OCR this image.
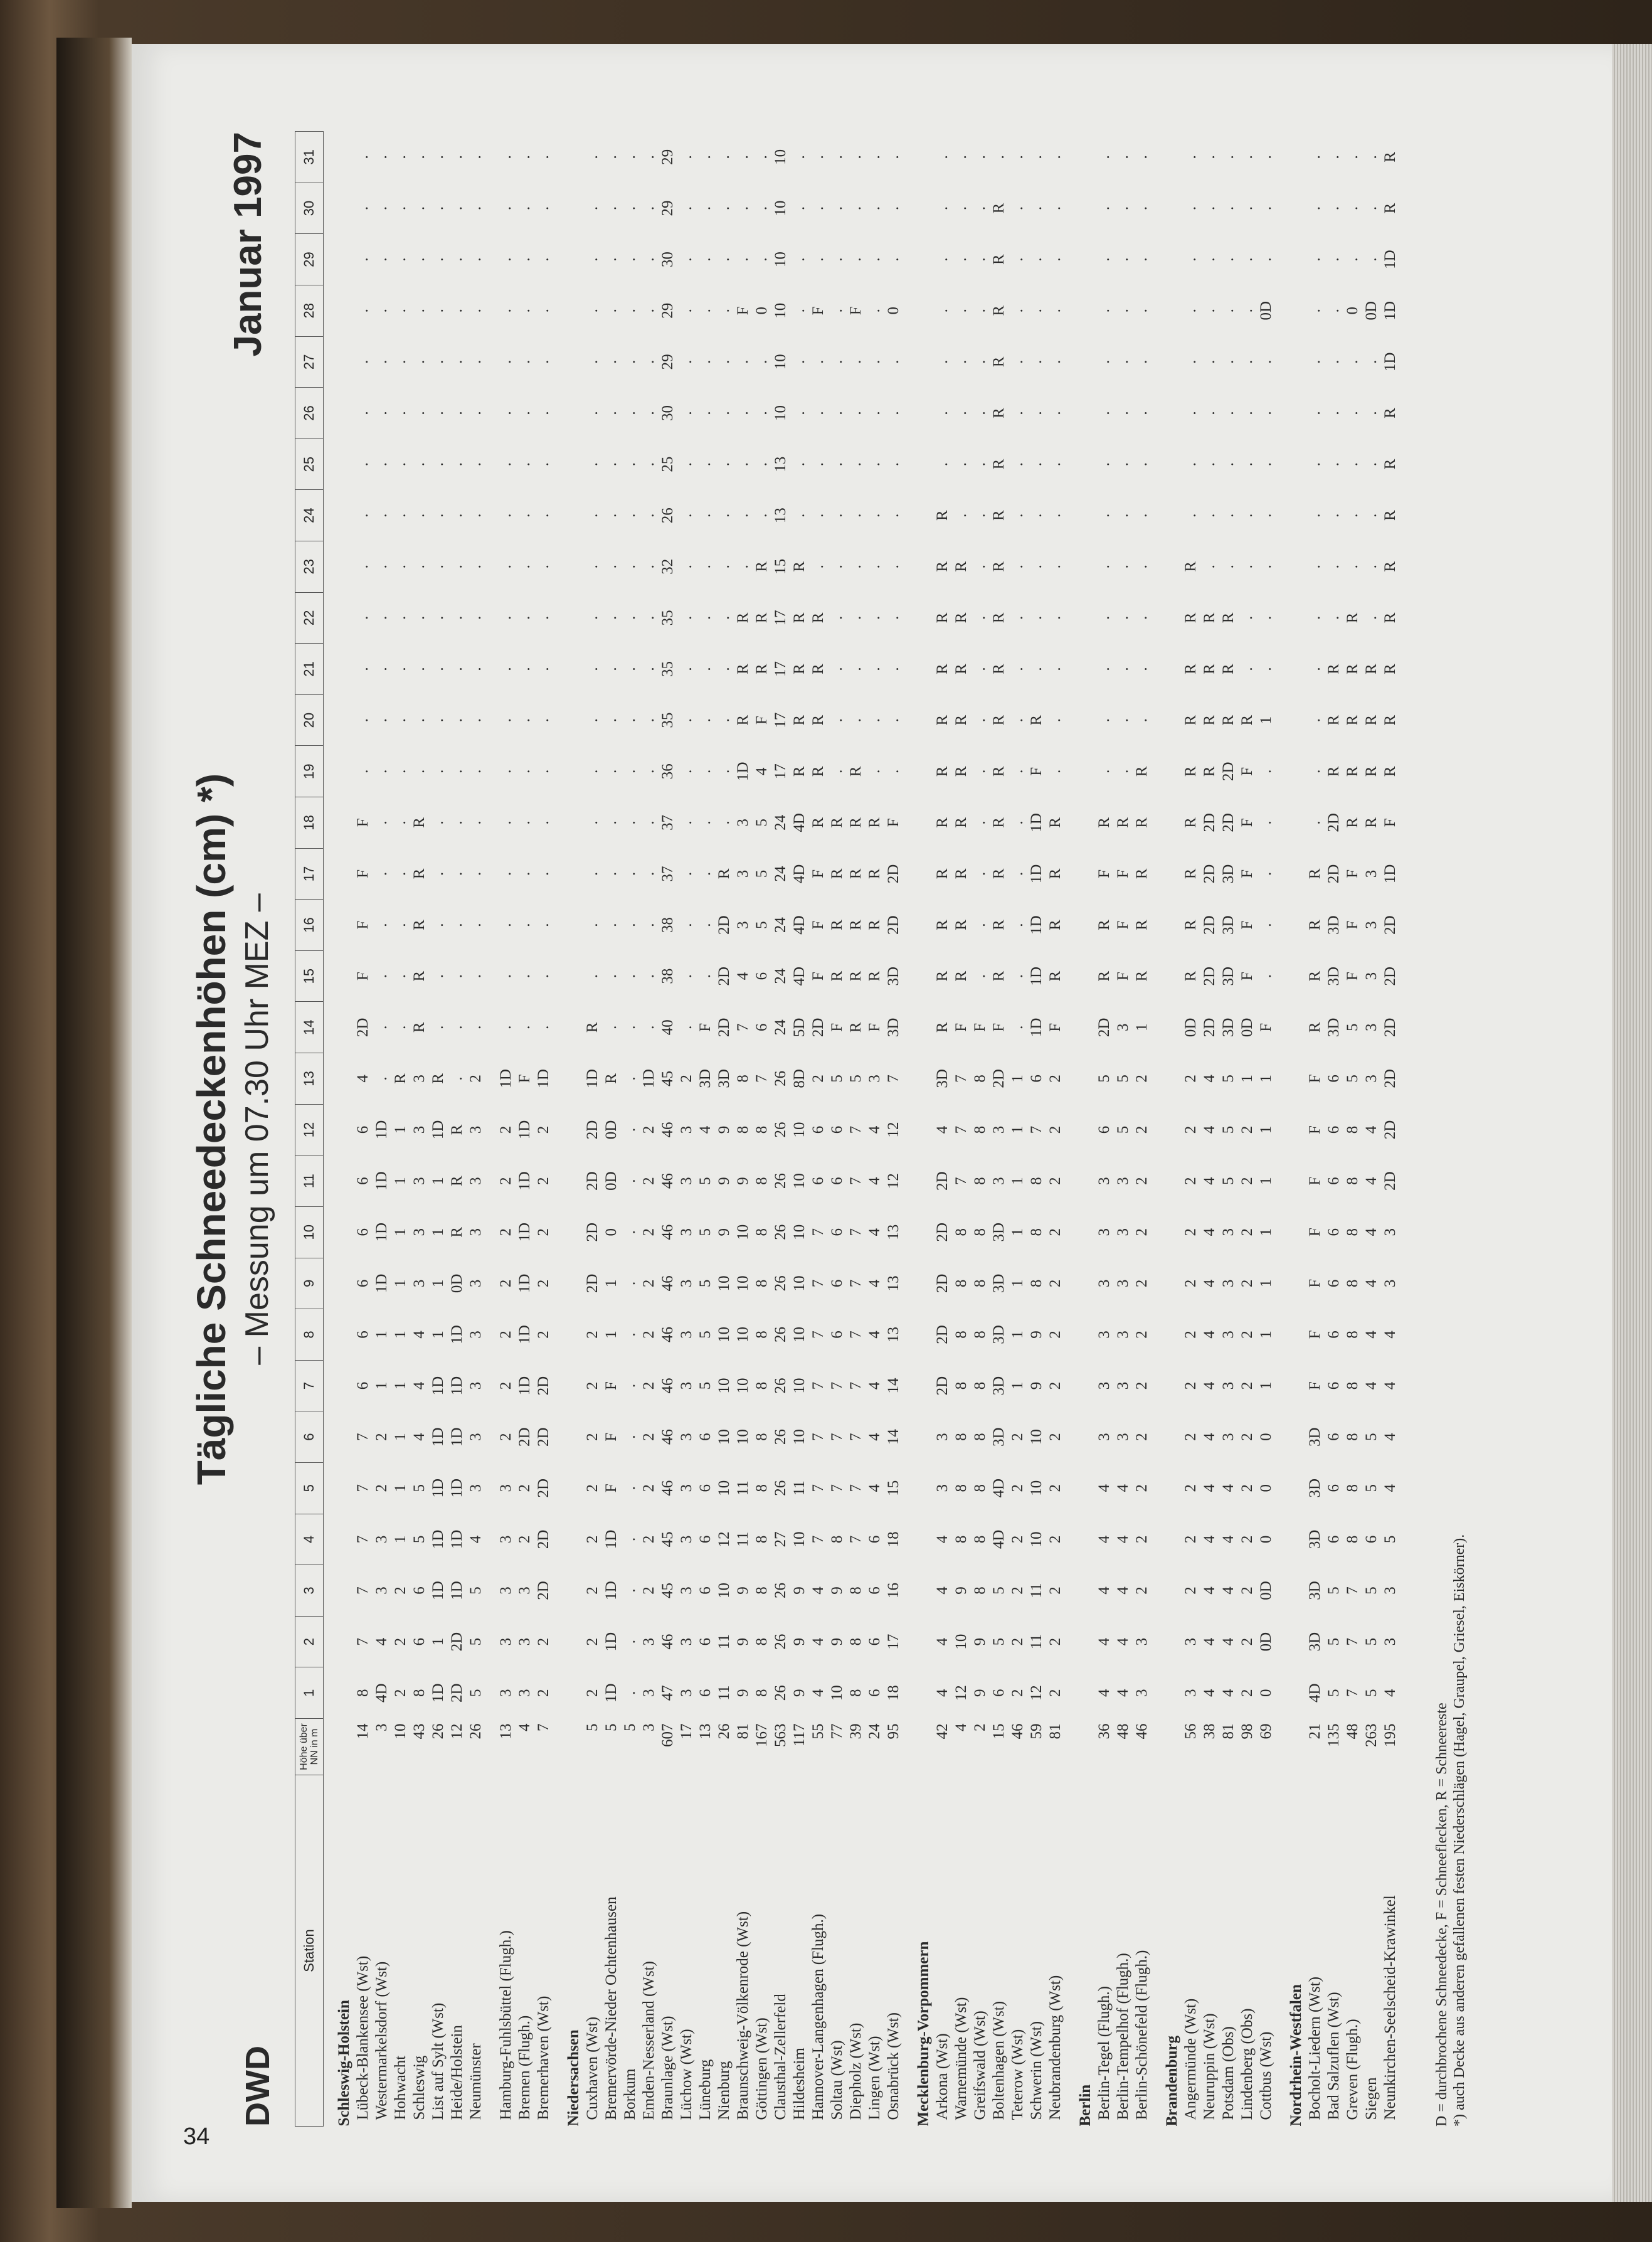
34
Tägliche Schneedeckenhöhen (cm) *)
DWD
– Messung um 07.30 Uhr MEZ –
Januar 1997
Station	Höhe über NN in m	1	2	3	4	5	6	7	8	9	10	11	12	13	14	15	16	17	18	19	20	21	22	23	24	25	26	27	28	29	30	31

Schleswig-Holstein																																
Lübeck-Blankensee (Wst)	14	8	7	7	7	7	7	6	6	6	6	6	6	4	2D	F	F	F	F	.	.	.	.	.	.	.	.	.	.	.	.	.
Westermarkelsdorf (Wst)	3	4D	4	3	3	2	2	1	1	1D	1D	1D	1D	.	.	.	.	.	.	.	.	.	.	.	.	.	.	.	.	.	.	.
Hohwacht	10	2	2	2	1	1	1	1	1	1	1	1	1	R	.	.	.	.	.	.	.	.	.	.	.	.	.	.	.	.	.	.
Schleswig	43	8	6	6	5	5	4	4	4	3	3	3	3	3	R	R	R	R	R	.	.	.	.	.	.	.	.	.	.	.	.	.
List auf Sylt (Wst)	26	1D	1	1D	1D	1D	1D	1D	1	1	1	1	1D	R	.	.	.	.	.	.	.	.	.	.	.	.	.	.	.	.	.	.
Heide/Holstein	12	2D	2D	1D	1D	1D	1D	1D	1D	0D	R	R	R	.	.	.	.	.	.	.	.	.	.	.	.	.	.	.	.	.	.	.
Neumünster	26	5	5	5	4	3	3	3	3	3	3	3	3	2	.	.	.	.	.	.	.	.	.	.	.	.	.	.	.	.	.	.

Hamburg-Fuhlsbüttel (Flugh.)	13	3	3	3	3	3	2	2	2	2	2	2	2	1D	.	.	.	.	.	.	.	.	.	.	.	.	.	.	.	.	.	.
Bremen (Flugh.)	4	3	3	3	2	2	2D	1D	1D	1D	1D	1D	1D	F	.	.	.	.	.	.	.	.	.	.	.	.	.	.	.	.	.	.
Bremerhaven (Wst)	7	2	2	2D	2D	2D	2D	2D	2	2	2	2	2	1D	.	.	.	.	.	.	.	.	.	.	.	.	.	.	.	.	.	.

Niedersachsen																																
Cuxhaven (Wst)	5	2	2	2	2	2	2	2	2	2D	2D	2D	2D	1D	R	.	.	.	.	.	.	.	.	.	.	.	.	.	.	.	.	.
Bremervörde-Nieder Ochtenhausen	5	1D	1D	1D	1D	F	F	F	1	1	0	0D	0D	R	.	.	.	.	.	.	.	.	.	.	.	.	.	.	.	.	.	.
Borkum	5	.	.	.	.	.	.	.	.	.	.	.	.	.	.	.	.	.	.	.	.	.	.	.	.	.	.	.	.	.	.	.
Emden-Nesserland (Wst)	3	3	3	2	2	2	2	2	2	2	2	2	2	1D	.	.	.	.	.	.	.	.	.	.	.	.	.	.	.	.	.	.
Braunlage (Wst)	607	47	46	45	45	46	46	46	46	46	46	46	46	45	40	38	38	37	37	36	35	35	35	32	26	25	30	29	29	30	29	29
Lüchow (Wst)	17	3	3	3	3	3	3	3	3	3	3	3	3	2	.	.	.	.	.	.	.	.	.	.	.	.	.	.	.	.	.	.
Lüneburg	13	6	6	6	6	6	6	5	5	5	5	5	4	3D	F	.	.	.	.	.	.	.	.	.	.	.	.	.	.	.	.	.
Nienburg	26	11	11	10	12	10	10	10	10	10	9	9	9	3D	2D	2D	2D	R	.	.	.	.	.	.	.	.	.	.	.	.	.	.
Braunschweig-Völkenrode (Wst)	81	9	9	9	11	11	10	10	10	10	10	9	8	8	7	4	3	3	3	1D	R	R	R	.	.	.	.	.	F	.	.	.
Göttingen (Wst)	167	8	8	8	8	8	8	8	8	8	8	8	8	7	6	6	5	5	5	4	F	R	R	R	.	.	.	.	0	.	.	.
Clausthal-Zellerfeld	563	26	26	26	27	26	26	26	26	26	26	26	26	26	24	24	24	24	24	17	17	17	17	15	13	13	10	10	10	10	10	10
Hildesheim	117	9	9	9	10	11	10	10	10	10	10	10	10	8D	5D	4D	4D	4D	4D	R	R	R	R	R	.	.	.	.	.	.	.	.
Hannover-Langenhagen (Flugh.)	55	4	4	4	7	7	7	7	7	7	7	6	6	2	2D	F	F	F	R	R	R	R	R	.	.	.	.	.	F	.	.	.
Soltau (Wst)	77	10	9	9	8	7	7	7	6	6	6	6	6	5	F	R	R	R	R	.	.	.	.	.	.	.	.	.	.	.	.	.
Diepholz (Wst)	39	8	8	8	7	7	7	7	7	7	7	7	7	5	R	R	R	R	R	R	.	.	.	.	.	.	.	.	F	.	.	.
Lingen (Wst)	24	6	6	6	6	4	4	4	4	4	4	4	4	3	F	R	R	R	R	.	.	.	.	.	.	.	.	.	.	.	.	.
Osnabrück (Wst)	95	18	17	16	18	15	14	14	13	13	13	12	12	7	3D	3D	2D	2D	F	.	.	.	.	.	.	.	.	.	0	.	.	.

Mecklenburg-Vorpommern																																
Arkona (Wst)	42	4	4	4	4	3	3	2D	2D	2D	2D	2D	4	3D	R	R	R	R	R	R	R	R	R	R	R	.	.	.	.	.	.	.
Warnemünde (Wst)	4	12	10	9	8	8	8	8	8	8	8	7	7	7	F	R	R	R	R	R	R	R	R	R	.	.	.	.	.	.	.	.
Greifswald (Wst)	2	9	9	8	8	8	8	8	8	8	8	8	8	8	F	.	.	.	.	.	.	.	.	.	.	.	.	.	.	.	.	.
Boltenhagen (Wst)	15	6	5	5	4D	4D	3D	3D	3D	3D	3D	3	3	2D	F	R	R	R	R	R	R	R	R	R	R	R	R	R	R	R	R	.
Teterow (Wst)	46	2	2	2	2	2	2	1	1	1	1	1	1	1	.	.	.	.	.	.	.	.	.	.	.	.	.	.	.	.	.	.
Schwerin (Wst)	59	12	11	11	10	10	10	9	9	8	8	8	7	6	1D	1D	1D	1D	1D	F	R	.	.	.	.	.	.	.	.	.	.	.
Neubrandenburg (Wst)	81	2	2	2	2	2	2	2	2	2	2	2	2	2	F	R	R	R	R	.	.	.	.	.	.	.	.	.	.	.	.	.

Berlin																																
Berlin-Tegel (Flugh.)	36	4	4	4	4	4	3	3	3	3	3	3	6	5	2D	R	R	F	R	.	.	.	.	.	.	.	.	.	.	.	.	.
Berlin-Tempelhof (Flugh.)	48	4	4	4	4	4	3	3	3	3	3	3	5	5	3	F	F	F	R	.	.	.	.	.	.	.	.	.	.	.	.	.
Berlin-Schönefeld (Flugh.)	46	3	3	2	2	2	2	2	2	2	2	2	2	2	1	R	R	R	R	R	.	.	.	.	.	.	.	.	.	.	.	.

Brandenburg																																
Angermünde (Wst)	56	3	3	2	2	2	2	2	2	2	2	2	2	2	0D	R	R	R	R	R	R	R	R	R	.	.	.	.	.	.	.	.
Neuruppin (Wst)	38	4	4	4	4	4	4	4	4	4	4	4	4	4	2D	2D	2D	2D	2D	R	R	R	R	.	.	.	.	.	.	.	.	.
Potsdam (Obs)	81	4	4	4	4	4	3	3	3	3	3	5	5	5	3D	3D	3D	3D	2D	2D	R	R	R	.	.	.	.	.	.	.	.	.
Lindenberg (Obs)	98	2	2	2	2	2	2	2	2	2	2	2	2	1	0D	F	F	F	F	F	R	.	.	.	.	.	.	.	.	.	.	.
Cottbus (Wst)	69	0	0D	0D	0	0	0	1	1	1	1	1	1	1	F	.	.	.	.	.	1	.	.	.	.	.	.	.	0D	.	.	.

Nordrhein-Westfalen																																
Bocholt-Liedern (Wst)	21	4D	3D	3D	3D	3D	3D	F	F	F	F	F	F	F	R	R	R	R	.	.	.	.	.	.	.	.	.	.	.	.	.	.
Bad Salzuflen (Wst)	135	5	5	5	6	6	6	6	6	6	6	6	6	6	3D	3D	3D	2D	2D	R	R	R	.	.	.	.	.	.	.	.	.	.
Greven (Flugh.)	48	7	7	7	8	8	8	8	8	8	8	8	8	5	5	F	F	F	R	R	R	R	R	.	.	.	.	.	0	.	.	.
Siegen	263	5	5	5	6	5	5	4	4	4	4	4	4	3	3	3	3	3	R	R	R	R	.	.	.	.	.	.	0D	.	.	.
Neunkirchen-Seelscheid-Krawinkel	195	4	3	3	5	4	4	4	4	3	3	2D	2D	2D	2D	2D	2D	1D	F	R	R	R	R	R	R	R	R	1D	1D	1D	R	R
D = durchbrochene Schneedecke, F = Schneeflecken, R = Schneereste *) auch Decke aus anderen gefallenen festen Niederschlägen (Hagel, Graupel, Griesel, Eiskörner).
